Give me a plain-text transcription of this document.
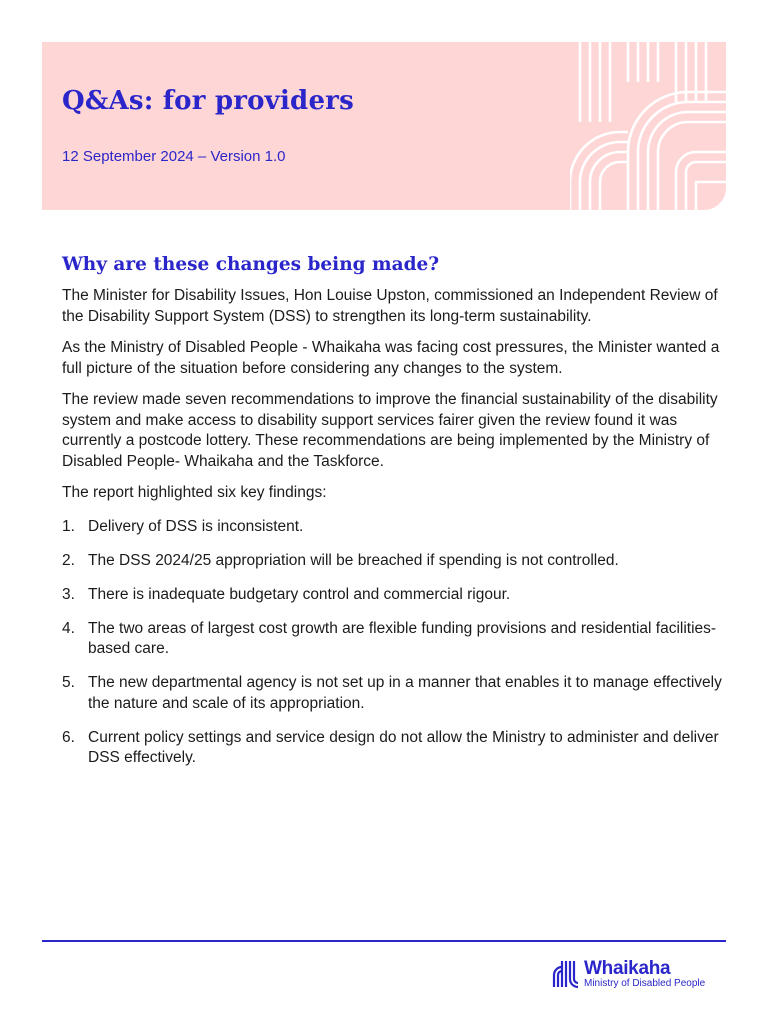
Q&As: for providers

12 September 2024 – Version 1.0

Why are these changes being made?

The Minister for Disability Issues, Hon Louise Upston, commissioned an Independent Review of the Disability Support System (DSS) to strengthen its long-term sustainability.

As the Ministry of Disabled People - Whaikaha was facing cost pressures, the Minister wanted a full picture of the situation before considering any changes to the system.

The review made seven recommendations to improve the financial sustainability of the disability system and make access to disability support services fairer given the review found it was currently a postcode lottery. These recommendations are being implemented by the Ministry of Disabled People- Whaikaha and the Taskforce.

The report highlighted six key findings:

1. Delivery of DSS is inconsistent.
2. The DSS 2024/25 appropriation will be breached if spending is not controlled.
3. There is inadequate budgetary control and commercial rigour.
4. The two areas of largest cost growth are flexible funding provisions and residential facilities-based care.
5. The new departmental agency is not set up in a manner that enables it to manage effectively the nature and scale of its appropriation.
6. Current policy settings and service design do not allow the Ministry to administer and deliver DSS effectively.
Whaikaha
Ministry of Disabled People
